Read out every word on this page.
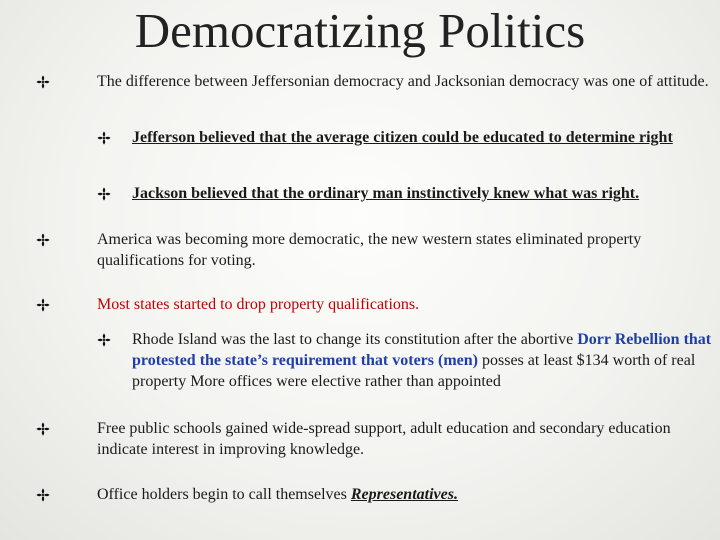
Democratizing Politics
The difference between Jeffersonian democracy and Jacksonian democracy was one of attitude.
Jefferson believed that the average citizen could be educated to determine right
Jackson believed that the ordinary man instinctively knew what was right.
America was becoming more democratic, the new western states eliminated property qualifications for voting.
Most states started to drop property qualifications.
Rhode Island was the last to change its constitution after the abortive Dorr Rebellion that protested the state’s requirement that voters (men) posses at least $134 worth of real property More offices were elective rather than appointed
Free public schools gained wide-spread support, adult education and secondary education indicate interest in improving knowledge.
Office holders begin to call themselves Representatives.
